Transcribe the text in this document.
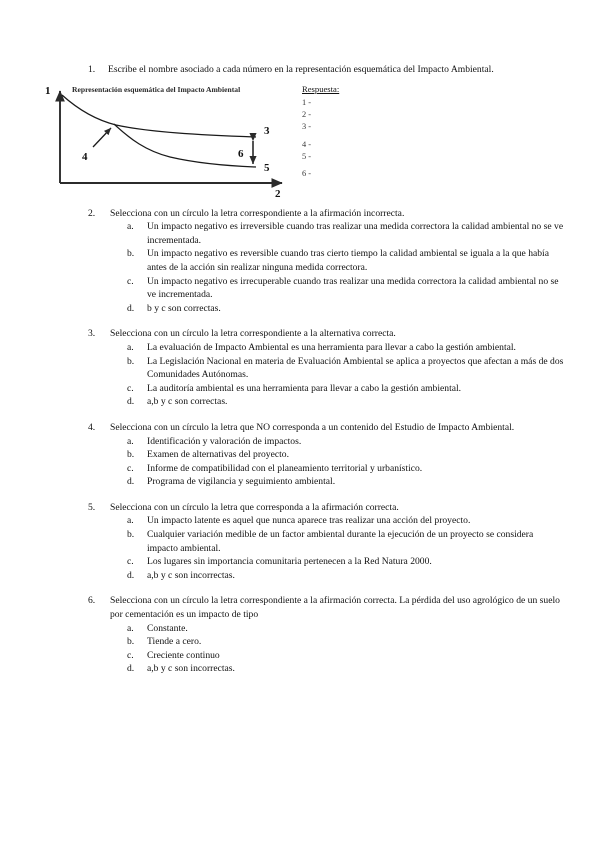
1.	Escribe el nombre asociado a cada número en la representación esquemática del Impacto Ambiental.
Representación esquemática del Impacto Ambiental
1
2
3
4
5
6
Respuesta:
1 -
2 -
3 -
4 -
5 -
6 -
2.	Selecciona con un círculo la letra correspondiente a la afirmación incorrecta.
a.	Un impacto negativo es irreversible cuando tras realizar una medida correctora la calidad ambiental no se ve incrementada.
b.	Un impacto negativo es reversible cuando tras cierto tiempo la calidad ambiental se iguala a la que había antes de la acción sin realizar ninguna medida correctora.
c.	Un impacto negativo es irrecuperable cuando tras realizar una medida correctora la calidad ambiental no se ve incrementada.
d.	b y c son correctas.
3.	Selecciona con un círculo la letra correspondiente a la alternativa correcta.
a.	La evaluación de Impacto Ambiental es una herramienta para llevar a cabo la gestión ambiental.
b.	La Legislación Nacional en materia de Evaluación Ambiental se aplica a proyectos que afectan a más de dos Comunidades Autónomas.
c.	La auditoría ambiental es una herramienta para llevar a cabo la gestión ambiental.
d.	a,b y c son correctas.
4.	Selecciona con un círculo la letra que NO corresponda a un contenido del Estudio de Impacto Ambiental.
a.	Identificación y valoración de impactos.
b.	Examen de alternativas del proyecto.
c.	Informe de compatibilidad con el planeamiento territorial y urbanístico.
d.	Programa de vigilancia y seguimiento ambiental.
5.	Selecciona con un círculo la letra que corresponda a la afirmación correcta.
a.	Un impacto latente es aquel que nunca aparece tras realizar una acción del proyecto.
b.	Cualquier variación medible de un factor ambiental durante la ejecución de un proyecto se considera impacto ambiental.
c.	Los lugares sin importancia comunitaria pertenecen a la Red Natura 2000.
d.	a,b y c son incorrectas.
6.	Selecciona con un círculo la letra correspondiente a la afirmación correcta. La pérdida del uso agrológico de un suelo por cementación es un impacto de tipo
a.	Constante.
b.	Tiende a cero.
c.	Creciente continuo
d.	a,b y c son incorrectas.
